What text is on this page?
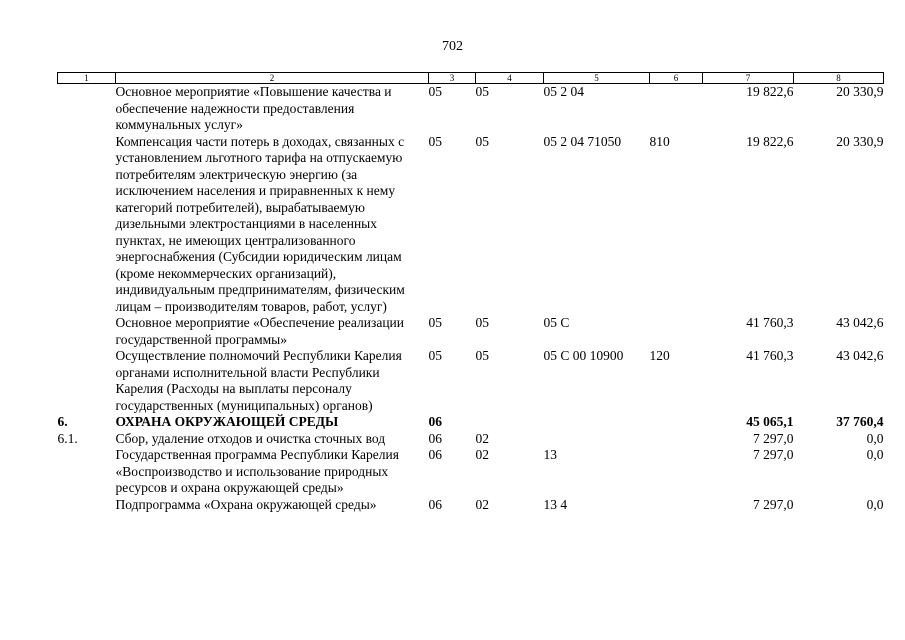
702
1	2	3	4	5	6	7	8
	Основное мероприятие «Повышение качества и обеспечение надежности предоставления коммунальных услуг»	05	05	05 2 04		19 822,6	20 330,9
	Компенсация части потерь в доходах, связанных с установлением льготного тарифа на отпускаемую потребителям электрическую энергию (за исключением населения и приравненных к нему категорий потребителей), вырабатываемую дизельными электростанциями в населенных пунктах, не имеющих централизованного энергоснабжения (Субсидии юридическим лицам (кроме некоммерческих организаций), индивидуальным предпринимателям, физическим лицам – производителям товаров, работ, услуг)	05	05	05 2 04 71050	810	19 822,6	20 330,9
	Основное мероприятие «Обеспечение реализации государственной программы»	05	05	05 С		41 760,3	43 042,6
	Осуществление полномочий Республики Карелия органами исполнительной власти Республики Карелия (Расходы на выплаты персоналу государственных (муниципальных) органов)	05	05	05 С 00 10900	120	41 760,3	43 042,6
6.	ОХРАНА ОКРУЖАЮЩЕЙ СРЕДЫ	06				45 065,1	37 760,4
6.1.	Сбор, удаление отходов и очистка сточных вод	06	02			7 297,0	0,0
	Государственная программа Республики Карелия «Воспроизводство и использование природных ресурсов и охрана окружающей среды»	06	02	13		7 297,0	0,0
	Подпрограмма «Охрана окружающей среды»	06	02	13 4		7 297,0	0,0
